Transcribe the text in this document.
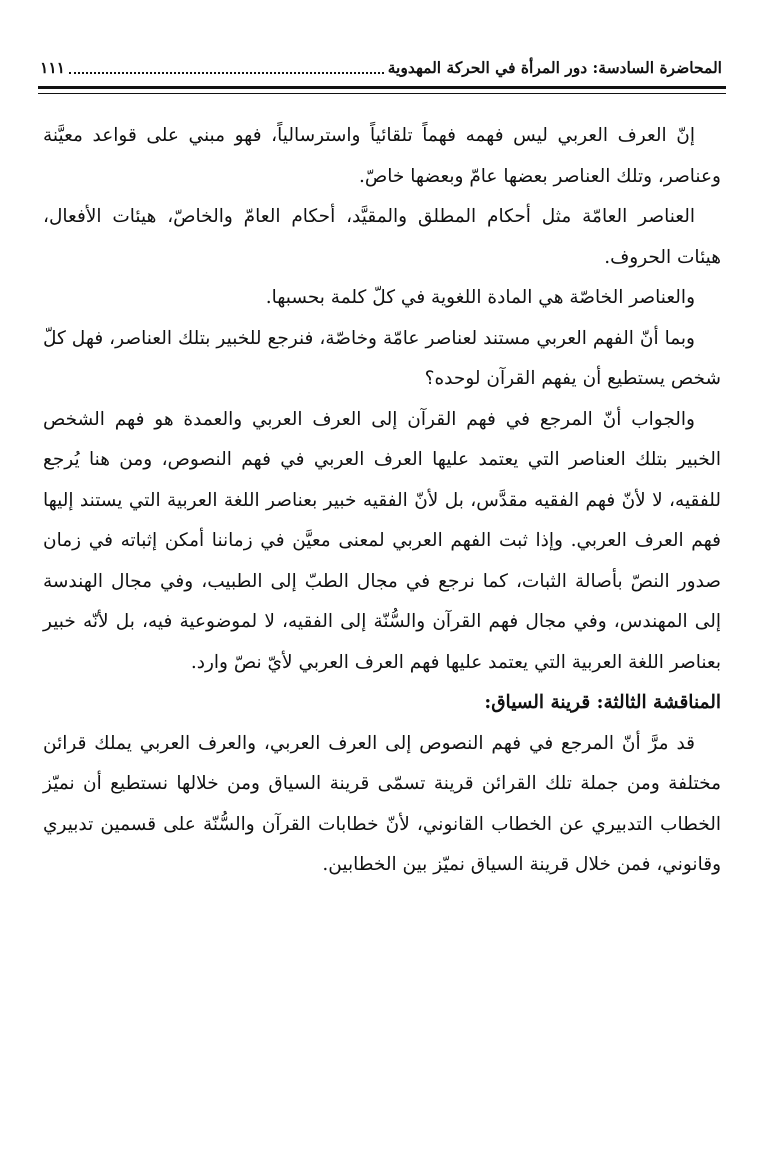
المحاضرة السادسة: دور المرأة في الحركة المهدوية
١١١

إنّ العرف العربي ليس فهمه فهماً تلقائياً واسترسالياً، فهو مبني على قواعد معيَّنة وعناصر، وتلك العناصر بعضها عامّ وبعضها خاصّ.

العناصر العامّة مثل أحكام المطلق والمقيَّد، أحكام العامّ والخاصّ، هيئات الأفعال، هيئات الحروف.

والعناصر الخاصّة هي المادة اللغوية في كلّ كلمة بحسبها.

وبما أنّ الفهم العربي مستند لعناصر عامّة وخاصّة، فنرجع للخبير بتلك العناصر، فهل كلّ شخص يستطيع أن يفهم القرآن لوحده؟

والجواب أنّ المرجع في فهم القرآن إلى العرف العربي والعمدة هو فهم الشخص الخبير بتلك العناصر التي يعتمد عليها العرف العربي في فهم النصوص، ومن هنا يُرجع للفقيه، لا لأنّ فهم الفقيه مقدَّس، بل لأنّ الفقيه خبير بعناصر اللغة العربية التي يستند إليها فهم العرف العربي. وإذا ثبت الفهم العربي لمعنى معيَّن في زماننا أمكن إثباته في زمان صدور النصّ بأصالة الثبات، كما نرجع في مجال الطبّ إلى الطبيب، وفي مجال الهندسة إلى المهندس، وفي مجال فهم القرآن والسُّنّة إلى الفقيه، لا لموضوعية فيه، بل لأنّه خبير بعناصر اللغة العربية التي يعتمد عليها فهم العرف العربي لأيّ نصّ وارد.

المناقشة الثالثة: قرينة السياق:

قد مرَّ أنّ المرجع في فهم النصوص إلى العرف العربي، والعرف العربي يملك قرائن مختلفة ومن جملة تلك القرائن قرينة تسمّى قرينة السياق ومن خلالها نستطيع أن نميّز الخطاب التدبيري عن الخطاب القانوني، لأنّ خطابات القرآن والسُّنّة على قسمين تدبيري وقانوني، فمن خلال قرينة السياق نميّز بين الخطابين.
